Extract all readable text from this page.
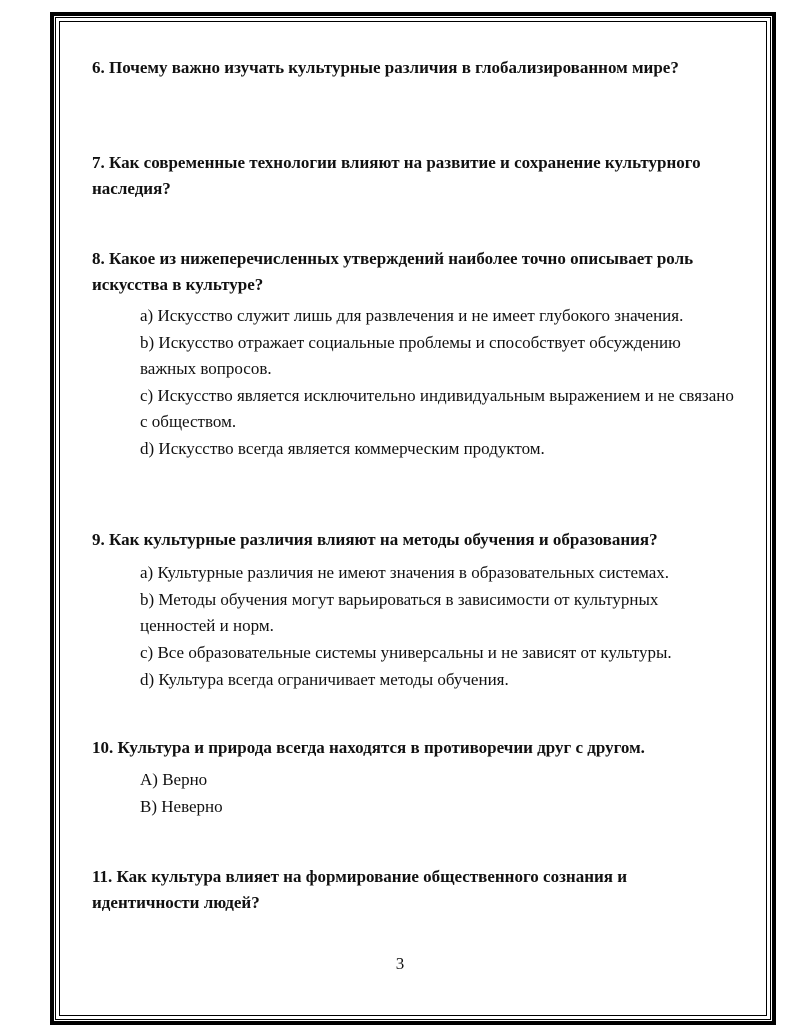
6. Почему важно изучать культурные различия в глобализированном мире?
7. Как современные технологии влияют на развитие и сохранение культурного наследия?
8. Какое из нижеперечисленных утверждений наиболее точно описывает роль искусства в культуре?
a) Искусство служит лишь для развлечения и не имеет глубокого значения.
b) Искусство отражает социальные проблемы и способствует обсуждению важных вопросов.
c) Искусство является исключительно индивидуальным выражением и не связано с обществом.
d) Искусство всегда является коммерческим продуктом.
9. Как культурные различия влияют на методы обучения и образования?
a) Культурные различия не имеют значения в образовательных системах.
b) Методы обучения могут варьироваться в зависимости от культурных ценностей и норм.
c) Все образовательные системы универсальны и не зависят от культуры.
d) Культура всегда ограничивает методы обучения.
10. Культура и природа всегда находятся в противоречии друг с другом.
A) Верно
B) Неверно
11. Как культура влияет на формирование общественного сознания и идентичности людей?
3
